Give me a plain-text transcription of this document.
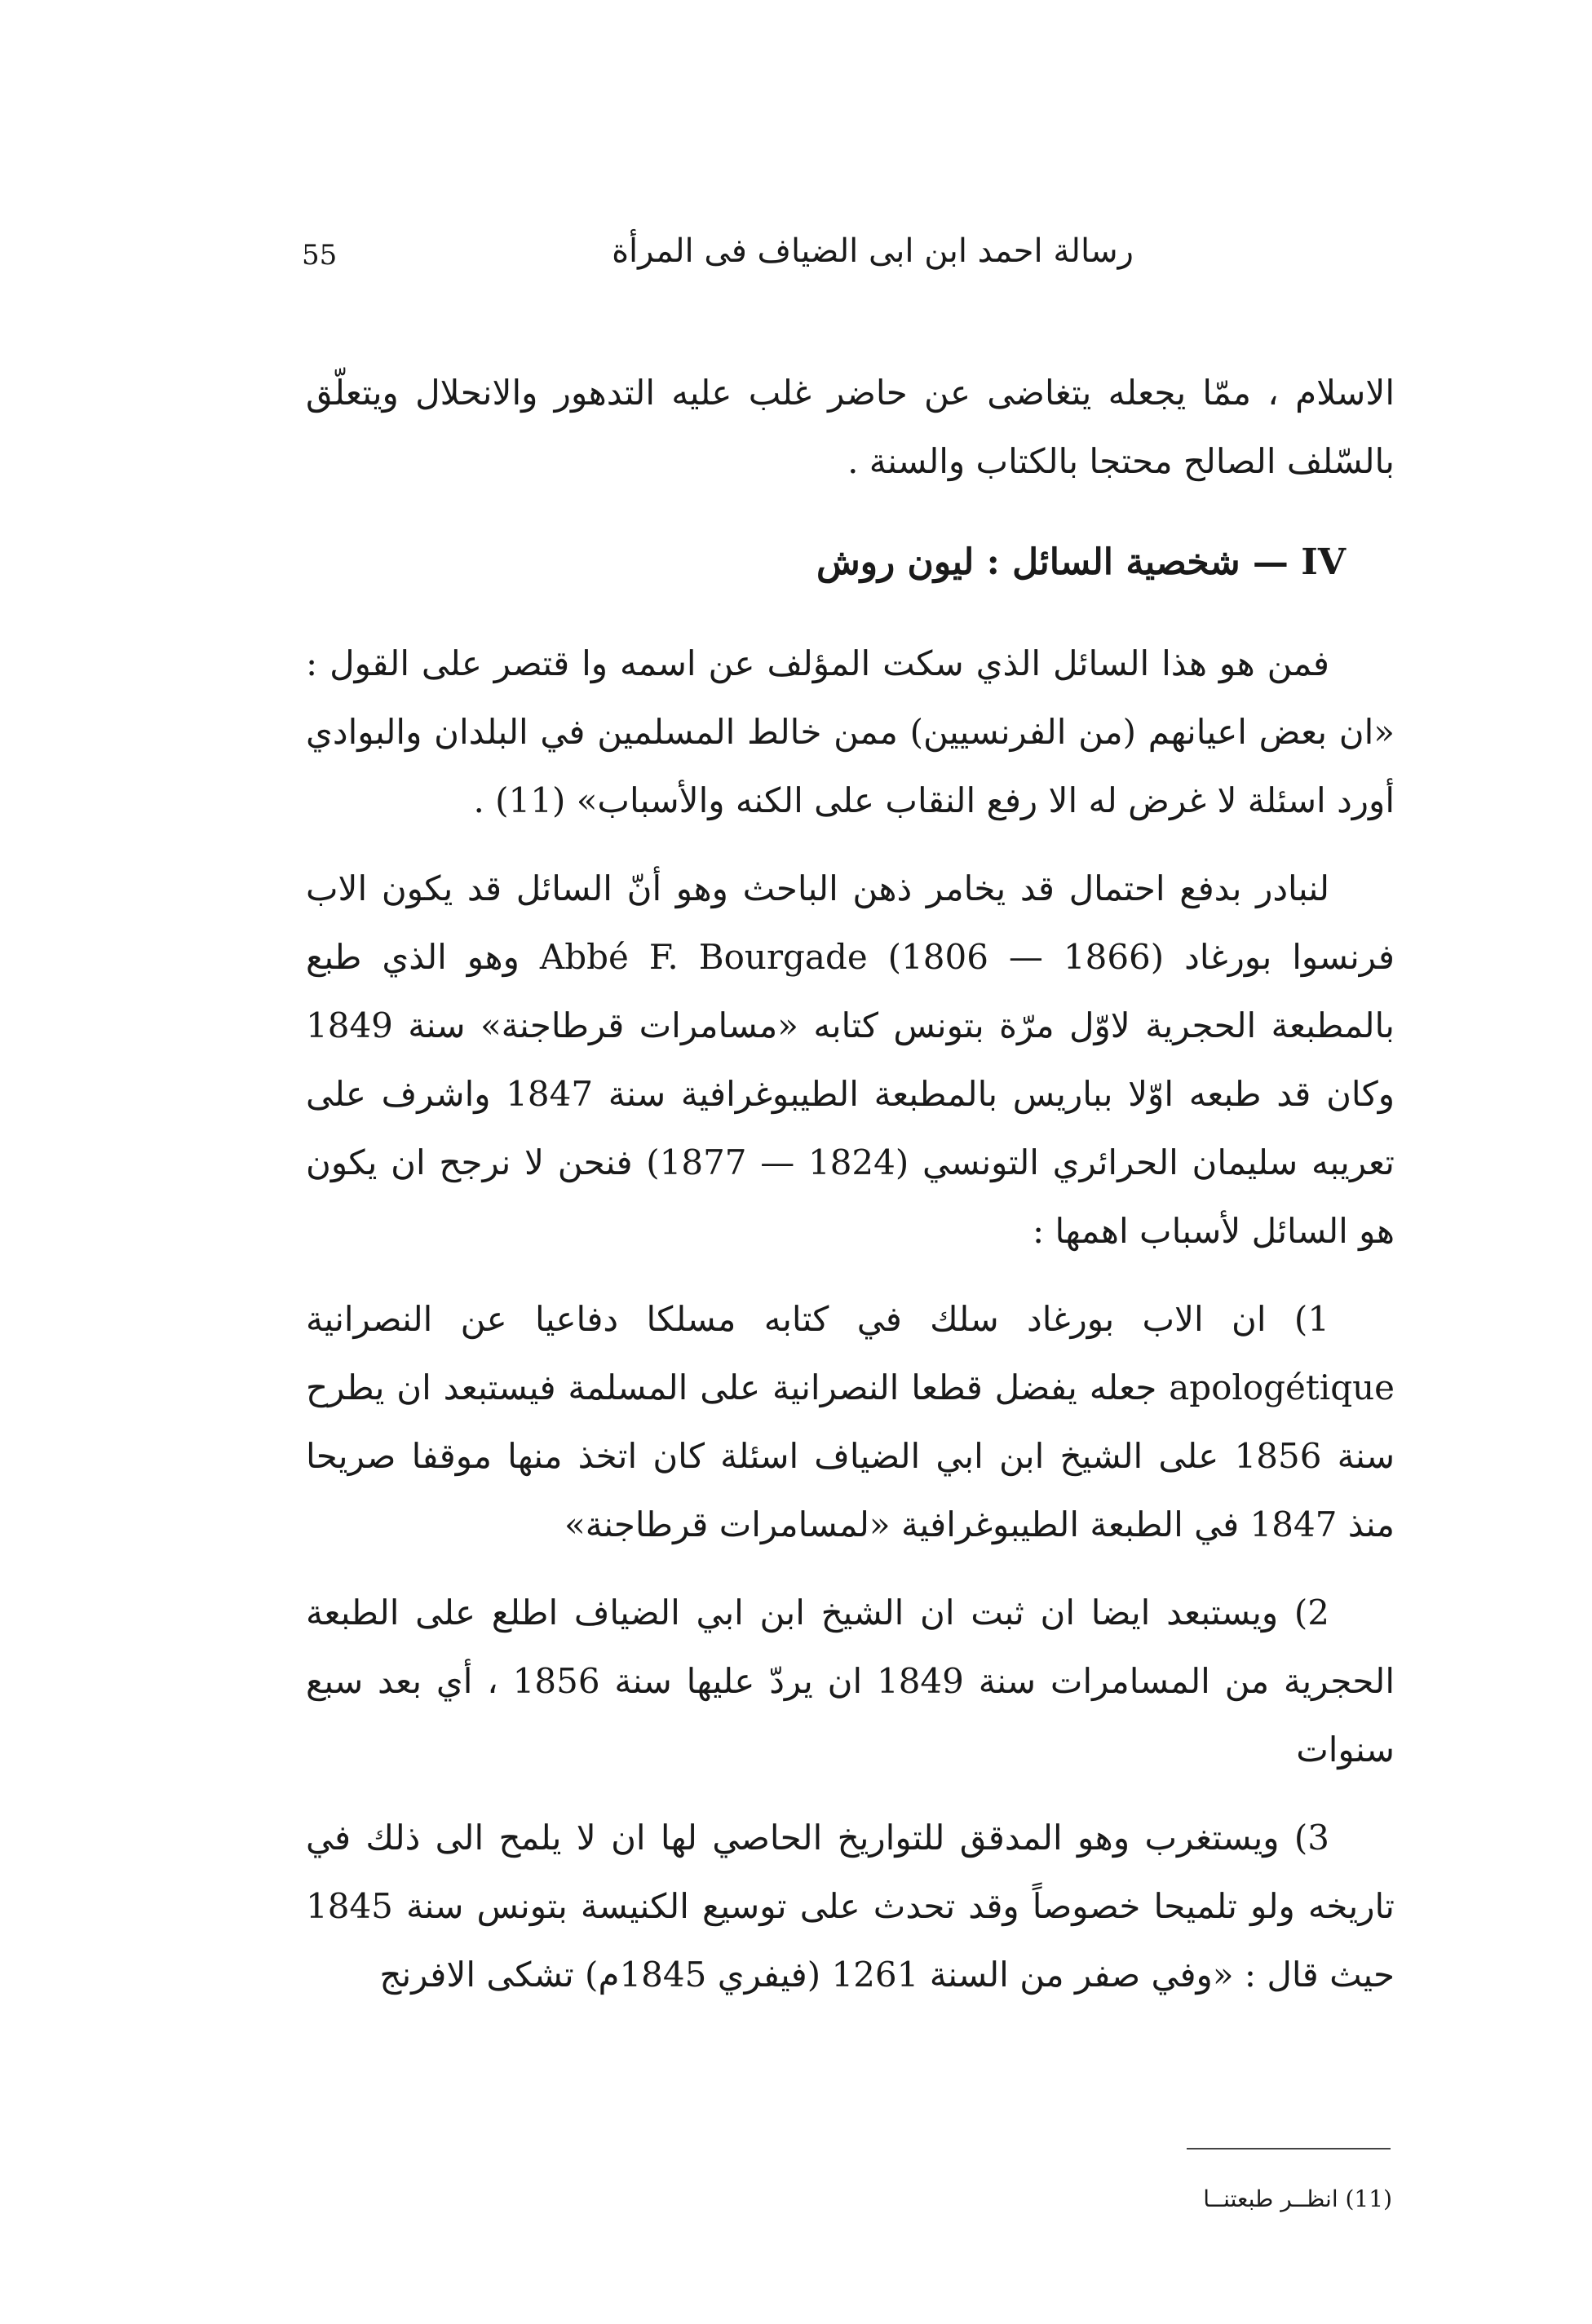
55	رسالة احمد ابن ابى الضياف فى المرأة

الاسلام ، ممّا يجعله يتغاضى عن حاضر غلب عليه التدهور والانحلال ويتعلّق بالسّلف الصالح محتجا بالكتاب والسنة .

IV — شخصية السائل : ليون روش

فمن هو هذا السائل الذي سكت المؤلف عن اسمه وا قتصر على القول : «ان بعض اعيانهم (من الفرنسيين) ممن خالط المسلمين في البلدان والبوادي أورد اسئلة لا غرض له الا رفع النقاب على الكنه والأسباب» (11) .

لنبادر بدفع احتمال قد يخامر ذهن الباحث وهو أنّ السائل قد يكون الاب فرنسوا بورغاد Abbé F. Bourgade (1806 — 1866) وهو الذي طبع بالمطبعة الحجرية لاوّل مرّة بتونس كتابه «مسامرات قرطاجنة» سنة 1849 وكان قد طبعه اوّلا بباريس بالمطبعة الطيبوغرافية سنة 1847 واشرف على تعريبه سليمان الحرائري التونسي (1824 — 1877) فنحن لا نرجح ان يكون هو السائل لأسباب اهمها :

1) ان الاب بورغاد سلك في كتابه مسلكا دفاعيا عن النصرانية apologétique جعله يفضل قطعا النصرانية على المسلمة فيستبعد ان يطرح سنة 1856 على الشيخ ابن ابي الضياف اسئلة كان اتخذ منها موقفا صريحا منذ 1847 في الطبعة الطيبوغرافية «لمسامرات قرطاجنة»

2) ويستبعد ايضا ان ثبت ان الشيخ ابن ابي الضياف اطلع على الطبعة الحجرية من المسامرات سنة 1849 ان يردّ عليها سنة 1856 ، أي بعد سبع سنوات

3) ويستغرب وهو المدقق للتواريخ الحاصي لها ان لا يلمح الى ذلك في تاريخه ولو تلميحا خصوصاً وقد تحدث على توسيع الكنيسة بتونس سنة 1845 حيث قال : «وفي صفر من السنة 1261 (فيفري 1845م) تشكى الافرنج

(11) انظــر طبعتنــا
